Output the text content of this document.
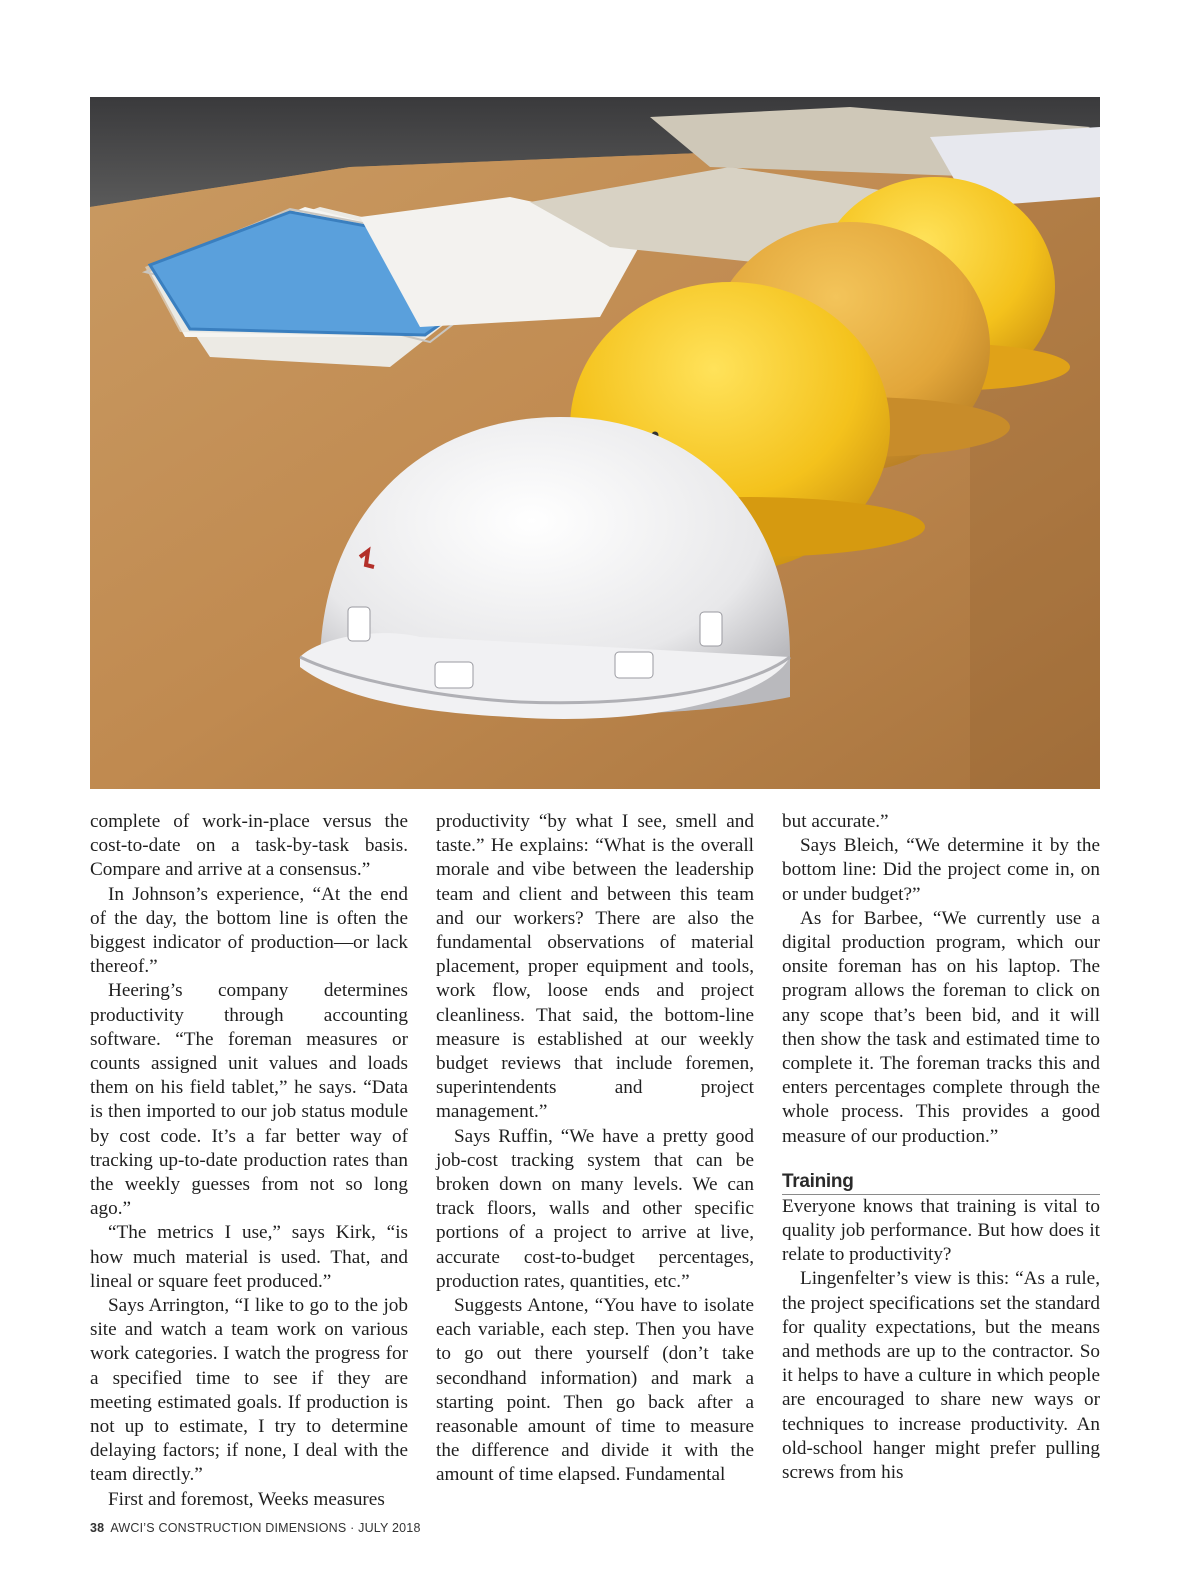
complete of work-in-place versus the cost-to-date on a task-by-task basis. Compare and arrive at a consensus.”

In Johnson’s experience, “At the end of the day, the bottom line is often the biggest indicator of production—or lack thereof.”

Heering’s company determines productivity through accounting software. “The foreman measures or counts assigned unit values and loads them on his field tablet,” he says. “Data is then imported to our job status module by cost code. It’s a far better way of tracking up-to-date production rates than the weekly guesses from not so long ago.”

“The metrics I use,” says Kirk, “is how much material is used. That, and lineal or square feet produced.”

Says Arrington, “I like to go to the job site and watch a team work on various work categories. I watch the progress for a specified time to see if they are meeting estimated goals. If production is not up to estimate, I try to determine delaying factors; if none, I deal with the team directly.”

First and foremost, Weeks measures

productivity “by what I see, smell and taste.” He explains: “What is the overall morale and vibe between the leadership team and client and between this team and our workers? There are also the fundamental observations of material placement, proper equipment and tools, work flow, loose ends and project cleanliness. That said, the bottom-line measure is established at our weekly budget reviews that include foremen, superintendents and project management.”

Says Ruffin, “We have a pretty good job-cost tracking system that can be broken down on many levels. We can track floors, walls and other specific portions of a project to arrive at live, accurate cost-to-budget percentages, production rates, quantities, etc.”

Suggests Antone, “You have to isolate each variable, each step. Then you have to go out there yourself (don’t take secondhand information) and mark a starting point. Then go back after a reasonable amount of time to measure the difference and divide it with the amount of time elapsed. Fundamental

but accurate.”

Says Bleich, “We determine it by the bottom line: Did the project come in, on or under budget?”

As for Barbee, “We currently use a digital production program, which our onsite foreman has on his laptop. The program allows the foreman to click on any scope that’s been bid, and it will then show the task and estimated time to complete it. The foreman tracks this and enters percentages complete through the whole process. This provides a good measure of our production.”

Training

Everyone knows that training is vital to quality job performance. But how does it relate to productivity?

Lingenfelter’s view is this: “As a rule, the project specifications set the standard for quality expectations, but the means and methods are up to the contractor. So it helps to have a culture in which people are encouraged to share new ways or techniques to increase productivity. An old-school hanger might prefer pulling screws from his

38 AWCI’S CONSTRUCTION DIMENSIONS · JULY 2018
